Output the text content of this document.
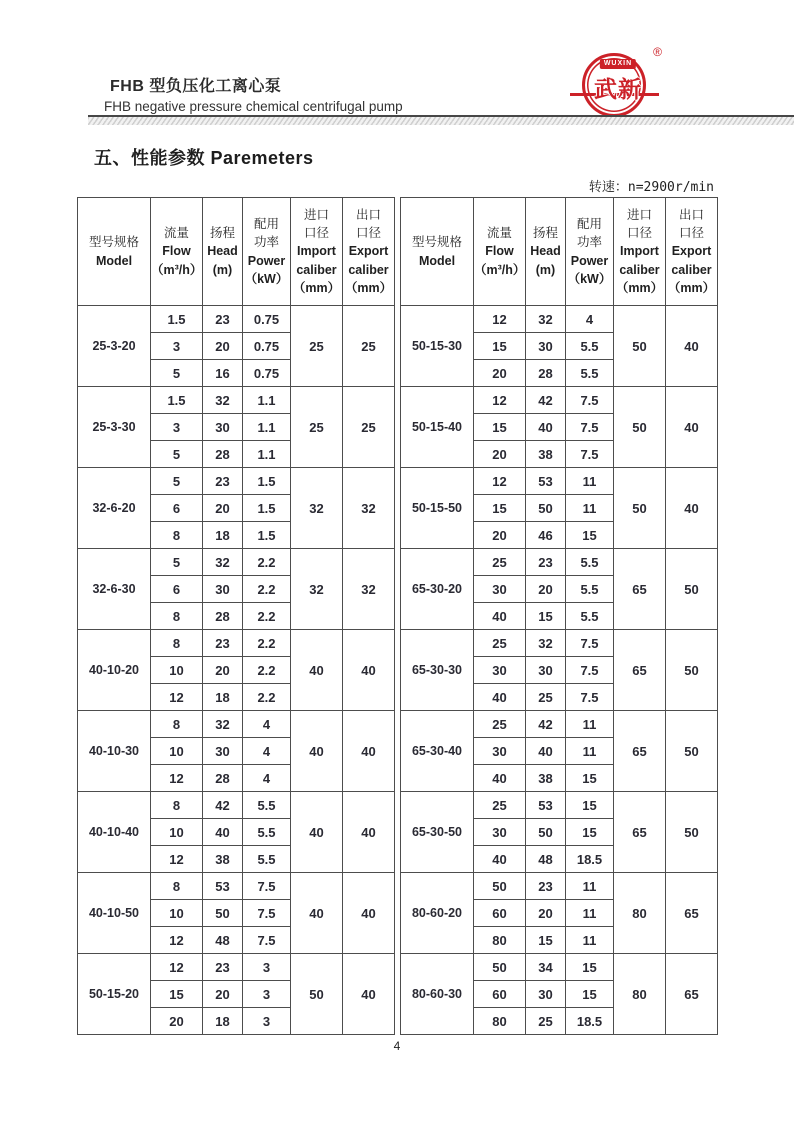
FHB 型负压化工离心泵
FHB negative pressure chemical centrifugal pump
WUXIN
武新
®
五、性能参数 Paremeters
转速：n=2900r/min
型号规格
Model

流量
Flow
（m³/h）

扬程
Head
(m)

配用
功率
Power
（kW）

进口
口径
Import
caliber
（mm）

出口
口径
Export
caliber
（mm）

25-3-20	1.5	23	0.75	25	25
	3	20	0.75		
	5	16	0.75		
25-3-30	1.5	32	1.1	25	25
	3	30	1.1		
	5	28	1.1		
32-6-20	5	23	1.5	32	32
	6	20	1.5		
	8	18	1.5		
32-6-30	5	32	2.2	32	32
	6	30	2.2		
	8	28	2.2		
40-10-20	8	23	2.2	40	40
	10	20	2.2		
	12	18	2.2		
40-10-30	8	32	4	40	40
	10	30	4		
	12	28	4		
40-10-40	8	42	5.5	40	40
	10	40	5.5		
	12	38	5.5		
40-10-50	8	53	7.5	40	40
	10	50	7.5		
	12	48	7.5		
50-15-20	12	23	3	50	40
	15	20	3		
	20	18	3		
型号规格
Model

流量
Flow
（m³/h）

扬程
Head
(m)

配用
功率
Power
（kW）

进口
口径
Import
caliber
（mm）

出口
口径
Export
caliber
（mm）

50-15-30	12	32	4	50	40
	15	30	5.5		
	20	28	5.5		
50-15-40	12	42	7.5	50	40
	15	40	7.5		
	20	38	7.5		
50-15-50	12	53	11	50	40
	15	50	11		
	20	46	15		
65-30-20	25	23	5.5	65	50
	30	20	5.5		
	40	15	5.5		
65-30-30	25	32	7.5	65	50
	30	30	7.5		
	40	25	7.5		
65-30-40	25	42	11	65	50
	30	40	11		
	40	38	15		
65-30-50	25	53	15	65	50
	30	50	15		
	40	48	18.5		
80-60-20	50	23	11	80	65
	60	20	11		
	80	15	11		
80-60-30	50	34	15	80	65
	60	30	15		
	80	25	18.5		
4
